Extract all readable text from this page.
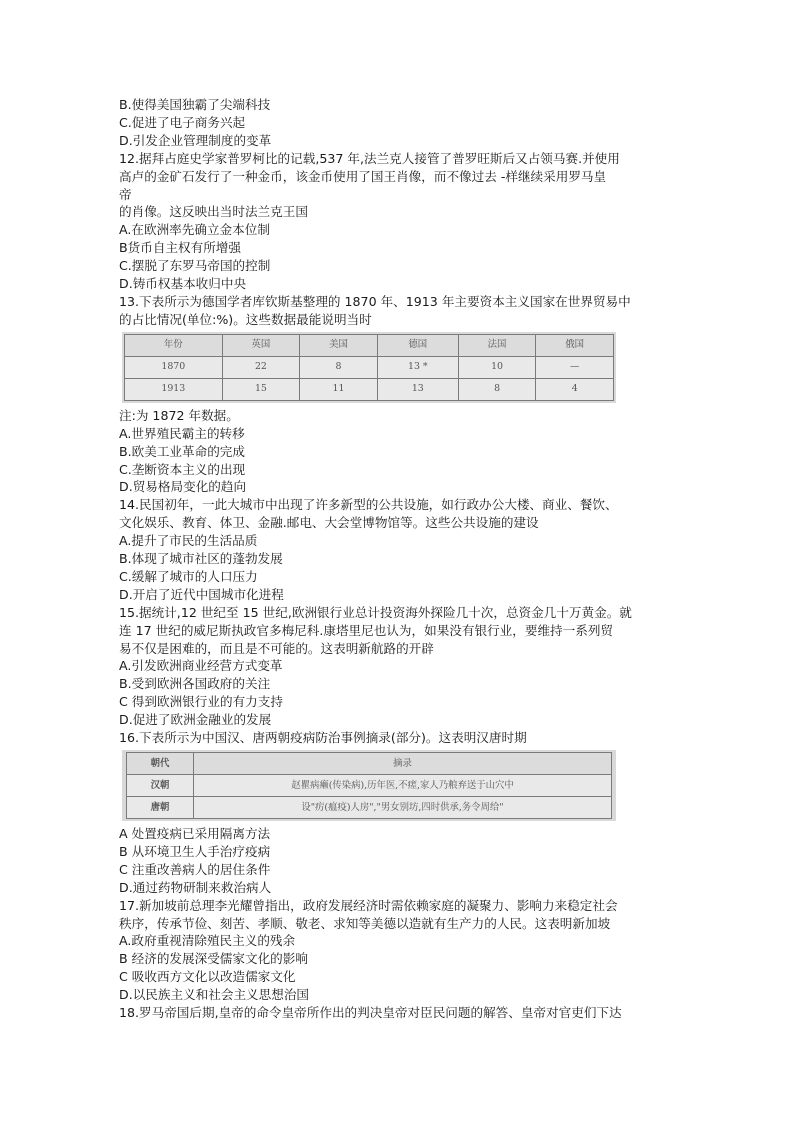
B.使得美国独霸了尖端科技
C.促进了电子商务兴起
D.引发企业管理制度的变革
12.据拜占庭史学家普罗柯比的记载,537 年,法兰克人接管了普罗旺斯后又占领马赛.并使用
高卢的金矿石发行了一种金币，该金币使用了国王肖像，而不像过去 -样继续采用罗马皇
帝
的肖像。这反映出当时法兰克王国
A.在欧洲率先确立金本位制
B货币自主权有所增强
C.摆脱了东罗马帝国的控制
D.铸币权基本收归中央
13.下表所示为德国学者库钦斯基整理的 1870 年、1913 年主要资本主义国家在世界贸易中
的占比情况(单位:%)。这些数据最能说明当时
年份	英国	美国	德国	法国	俄国
1870	22	8	13 *	10	—
1913	15	11	13	8	4
注:为 1872 年数据。
A.世界殖民霸主的转移
B.欧美工业革命的完成
C.垄断资本主义的出现
D.贸易格局变化的趋向
14.民国初年，一此大城市中出现了许多新型的公共设施，如行政办公大楼、商业、餐饮、
文化娱乐、教育、体卫、金融.邮电、大会堂博物馆等。这些公共设施的建设
A.提升了市民的生活品质
B.体现了城市社区的蓬勃发展
C.缓解了城市的人口压力
D.开启了近代中国城市化进程
15.据统计,12 世纪至 15 世纪,欧洲银行业总计投资海外探险几十次，总资金几十万黄金。就
连 17 世纪的威尼斯执政官多梅尼科.康塔里尼也认为，如果没有银行业，要维持一系列贸
易不仅是困难的，而且是不可能的。这表明新航路的开辟
A.引发欧洲商业经营方式变革
B.受到欧洲各国政府的关注
C 得到欧洲银行业的有力支持
D.促进了欧洲金融业的发展
16.下表所示为中国汉、唐两朝疫病防治事例摘录(部分)。这表明汉唐时期
朝代	摘录
汉朝	赵瞿病癞(传染病),历年医,不瘥,家人乃粮弃送于山穴中
唐朝	设"疠(瘟疫)人房","男女别坊,四时供承,务令周给"
A 处置疫病已采用隔离方法
B 从环境卫生人手治疗疫病
C 注重改善病人的居住条件
D.通过药物研制来救治病人
17.新加坡前总理李光耀曾指出，政府发展经济时需依赖家庭的凝聚力、影响力来稳定社会
秩序，传承节俭、刻苦、孝顺、敬老、求知等美德以造就有生产力的人民。这表明新加坡
A.政府重视清除殖民主义的残余
B 经济的发展深受儒家文化的影响
C 吸收西方文化以改造儒家文化
D.以民族主义和社会主义思想治国
18.罗马帝国后期,皇帝的命令皇帝所作出的判决皇帝对臣民问题的解答、皇帝对官吏们下达
